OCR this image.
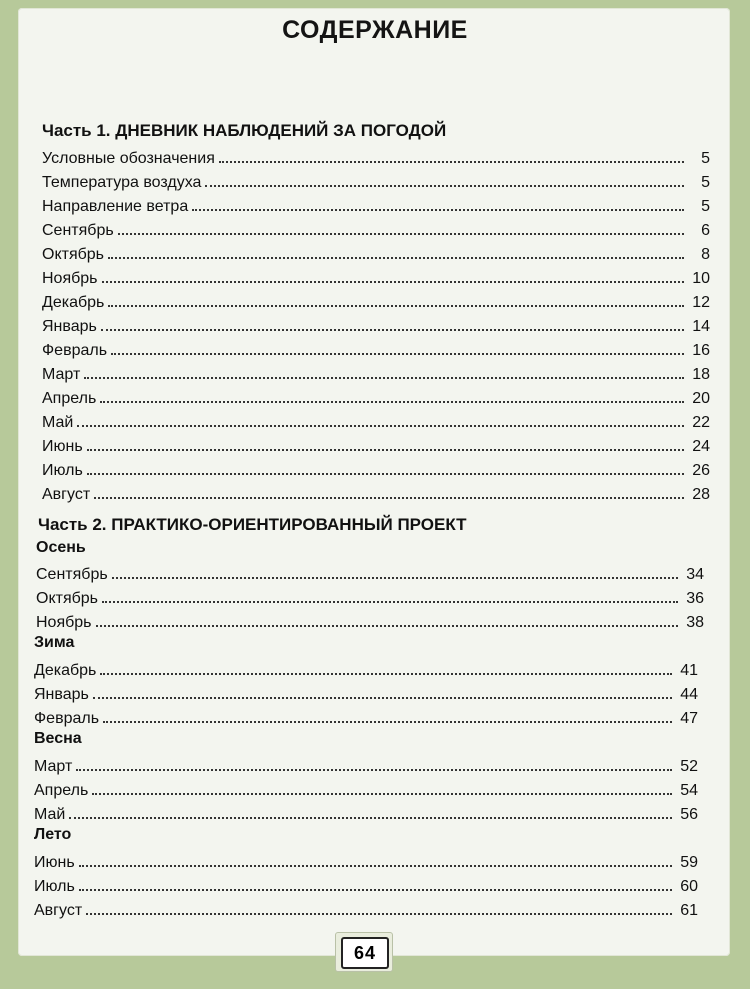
СОДЕРЖАНИЕ
Часть 1. ДНЕВНИК НАБЛЮДЕНИЙ ЗА ПОГОДОЙ
Условные обозначения	5
Температура воздуха	5
Направление ветра	5
Сентябрь	6
Октябрь	8
Ноябрь	10
Декабрь	12
Январь	14
Февраль	16
Март	18
Апрель	20
Май	22
Июнь	24
Июль	26
Август	28
Часть 2. ПРАКТИКО-ОРИЕНТИРОВАННЫЙ ПРОЕКТ
Осень
Сентябрь	34
Октябрь	36
Ноябрь	38
Зима
Декабрь	41
Январь	44
Февраль	47
Весна
Март	52
Апрель	54
Май	56
Лето
Июнь	59
Июль	60
Август	61
64
